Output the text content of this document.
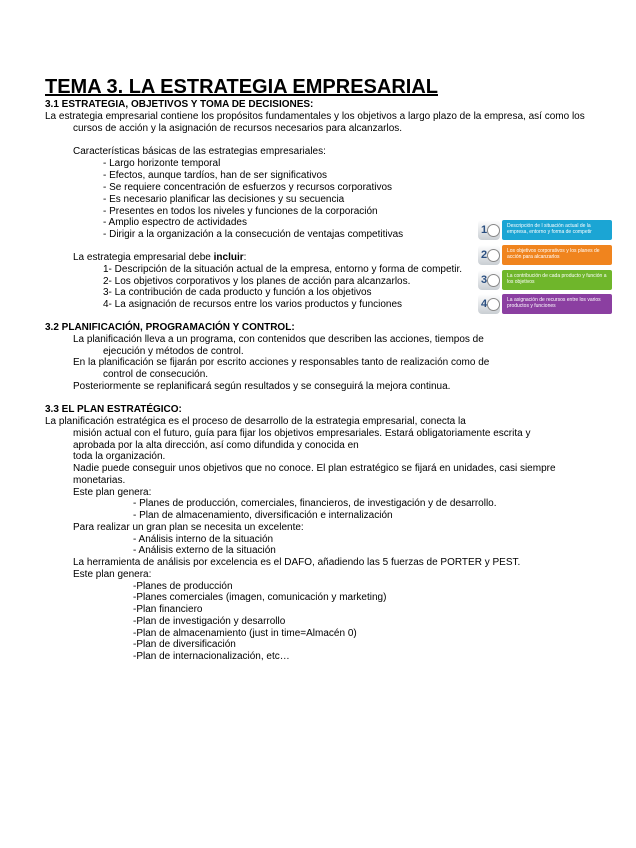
TEMA 3. LA ESTRATEGIA EMPRESARIAL
3.1 ESTRATEGIA, OBJETIVOS Y TOMA DE DECISIONES:
La estrategia empresarial contiene los propósitos fundamentales y los objetivos a largo plazo de la empresa, así como los
cursos de acción y la asignación de recursos necesarios para alcanzarlos.
Características básicas de las estrategias empresariales:
- Largo horizonte temporal
- Efectos, aunque tardíos, han de ser significativos
- Se requiere concentración de esfuerzos y recursos corporativos
- Es necesario planificar las decisiones y su secuencia
- Presentes en todos los niveles y funciones de la corporación
- Amplio espectro de actividades
- Dirigir a la organización a la consecución de ventajas competitivas
La estrategia empresarial debe incluir:
1- Descripción de la situación actual de la empresa, entorno y forma de competir.
2- Los objetivos corporativos y los planes de acción para alcanzarlos.
3- La contribución de cada producto y función a los objetivos
4- La asignación de recursos entre los varios productos y funciones
1	Descripción de l situación actual de la empresa, entorno y forma de competir
2	Los objetivos corporativos y los planes de acción para alcanzarlos
3	La contribución de cada producto y función a los objetivos
4	La asignación de recursos entre los varios productos y funciones
3.2 PLANIFICACIÓN, PROGRAMACIÓN Y CONTROL:
La planificación lleva a un programa, con contenidos que describen las acciones, tiempos de
ejecución y métodos de control.
En la planificación se fijarán por escrito acciones y responsables tanto de realización como de
control de consecución.
Posteriormente se replanificará según resultados y se conseguirá la mejora continua.
3.3 EL PLAN ESTRATÉGICO:
La planificación estratégica es el proceso de desarrollo de la estrategia empresarial, conecta la
misión actual con el futuro, guía para fijar los objetivos empresariales. Estará obligatoriamente escrita y
aprobada por la alta dirección, así como difundida y conocida en
toda la organización.
Nadie puede conseguir unos objetivos que no conoce. El plan estratégico se fijará en unidades, casi siempre
monetarias.
Este plan genera:
- Planes de producción, comerciales, financieros, de investigación y de desarrollo.
- Plan de almacenamiento, diversificación e internalización
Para realizar un gran plan se necesita un excelente:
- Análisis interno de la situación
- Análisis externo de la situación
La herramienta de análisis por excelencia es el DAFO, añadiendo las 5 fuerzas de PORTER y PEST.
Este plan genera:
-Planes de producción
-Planes comerciales (imagen, comunicación y marketing)
-Plan financiero
-Plan de investigación y desarrollo
-Plan de almacenamiento (just in time=Almacén 0)
-Plan de diversificación
-Plan de internacionalización, etc…
